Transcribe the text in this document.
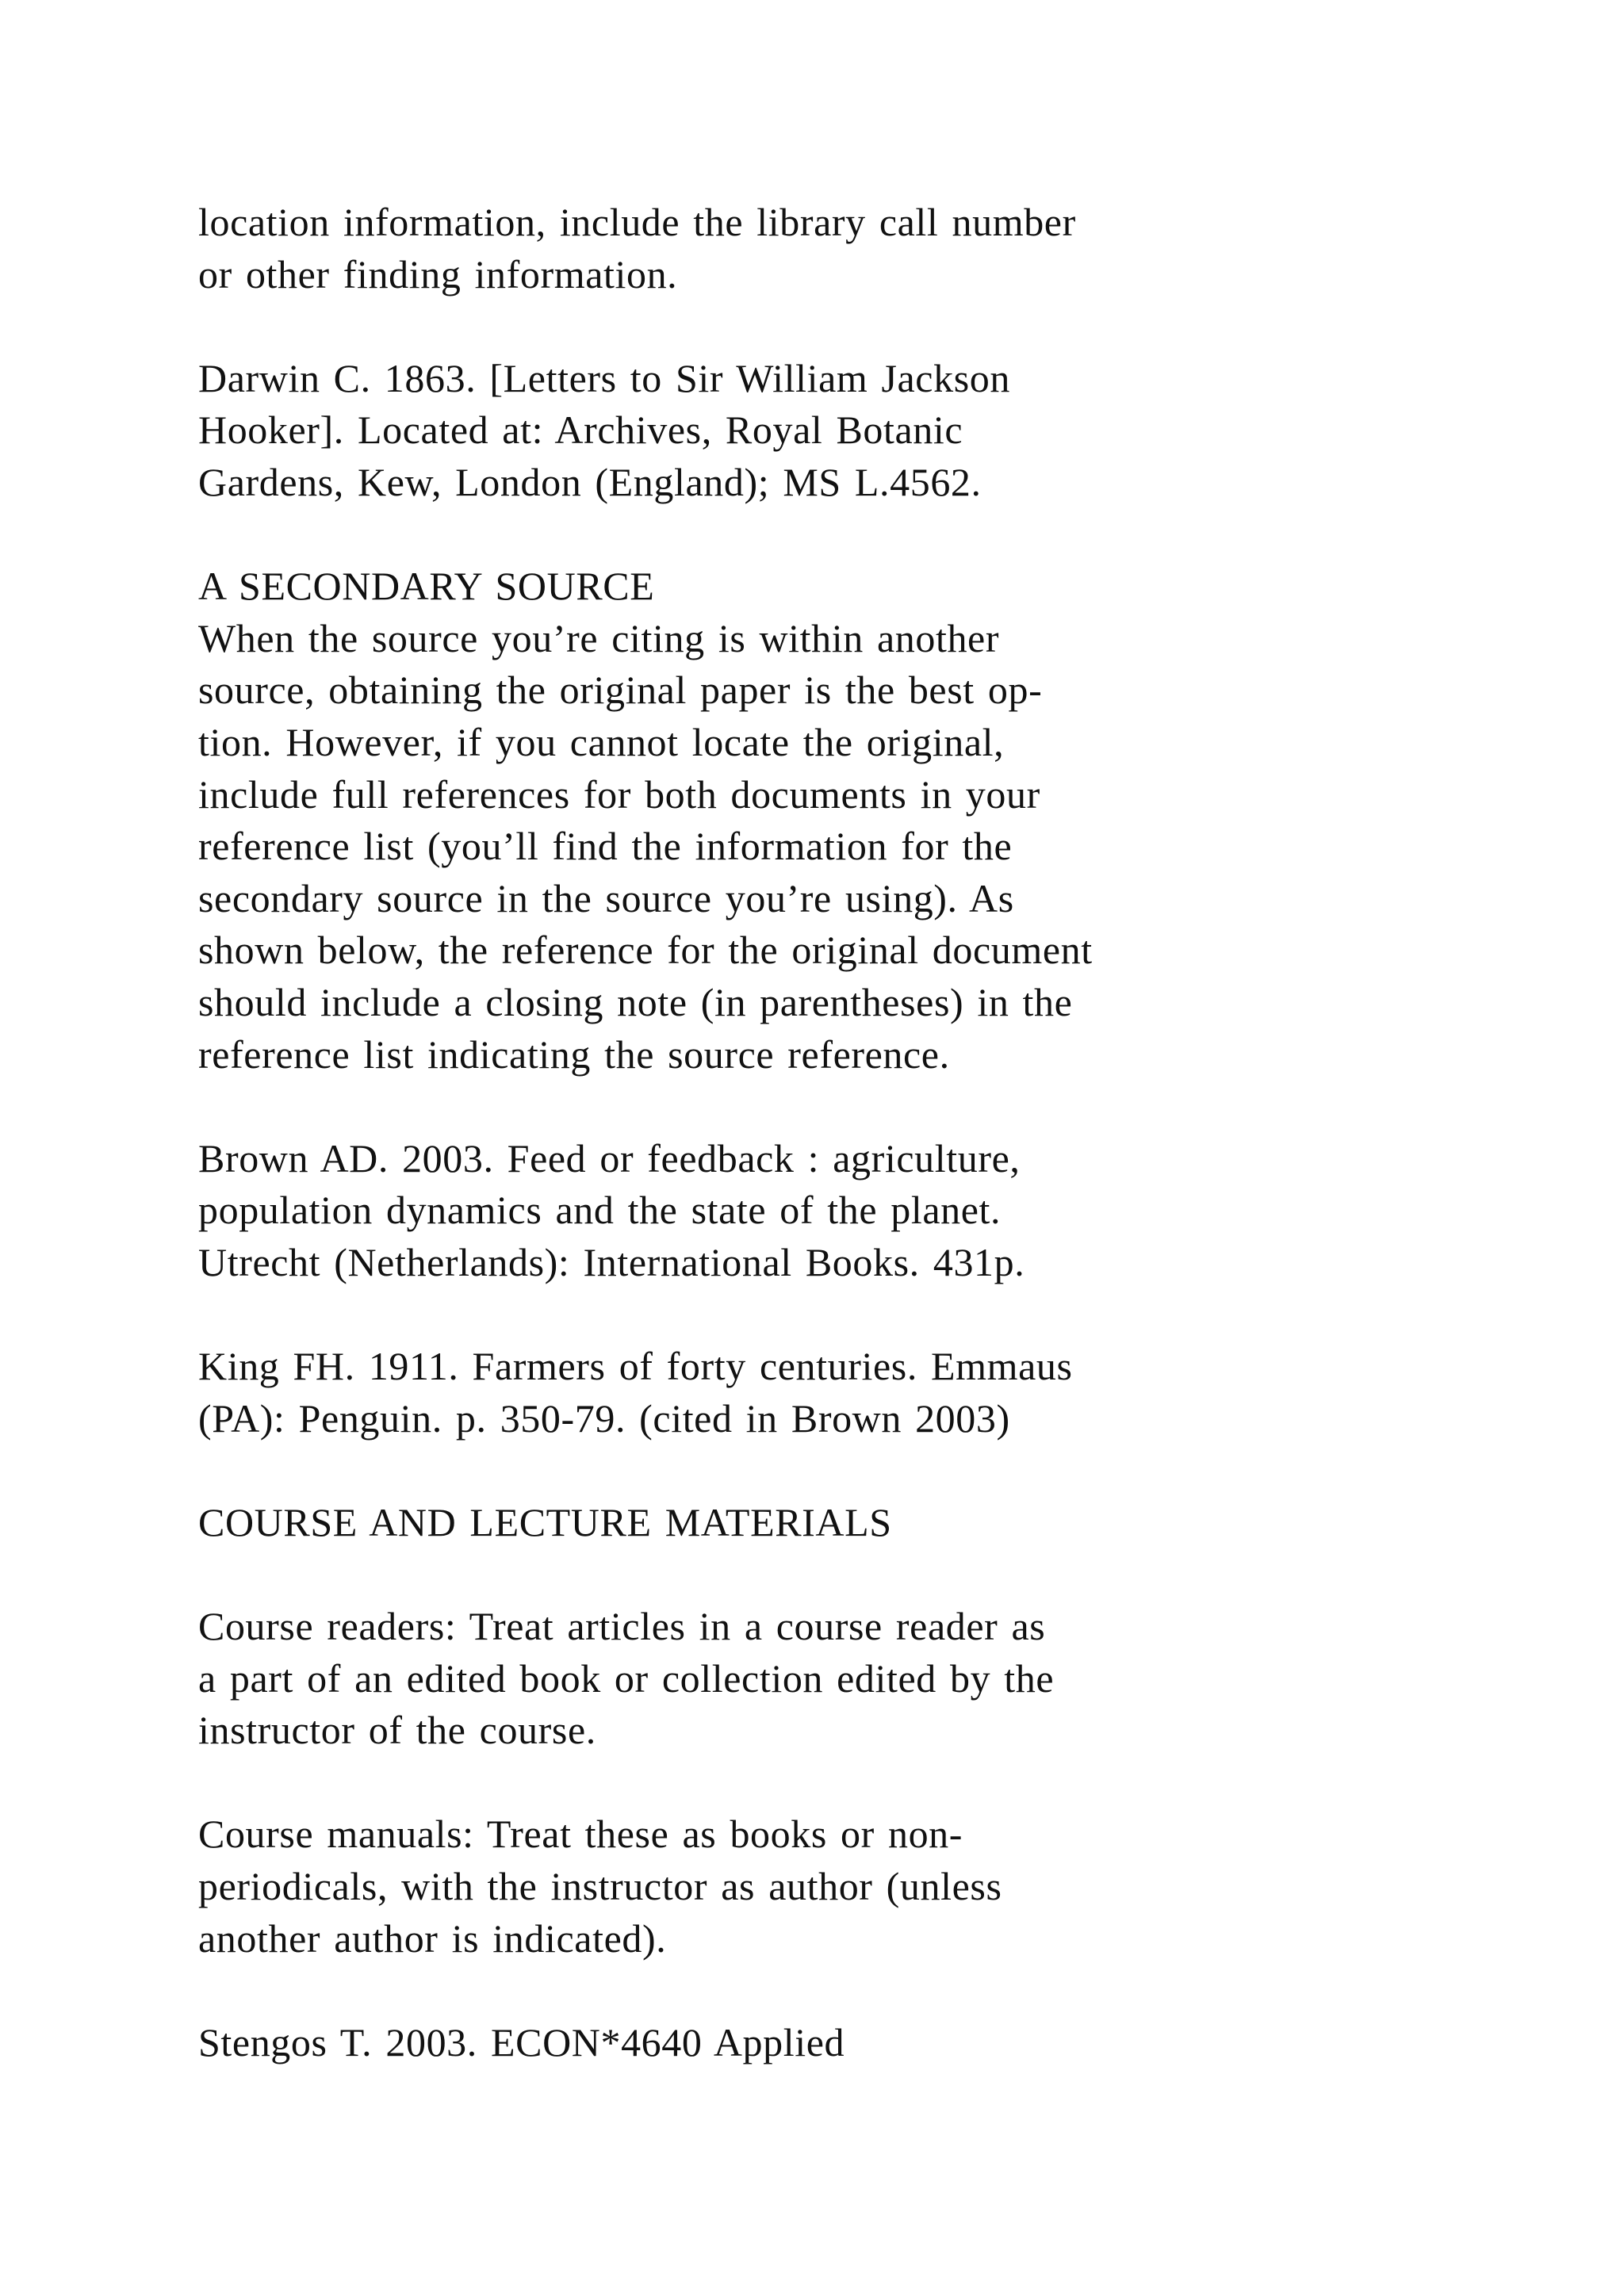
location information, include the library call number
or other finding information.
Darwin C. 1863. [Letters to Sir William Jackson
Hooker]. Located at: Archives, Royal Botanic
Gardens, Kew, London (England); MS L.4562.
A SECONDARY SOURCE
When the source you’re citing is within another
source, obtaining the original paper is the best op-
tion. However, if you cannot locate the original,
include full references for both documents in your
reference list (you’ll find the information for the
secondary source in the source you’re using). As
shown below, the reference for the original document
should include a closing note (in parentheses) in the
reference list indicating the source reference.
Brown AD. 2003. Feed or feedback : agriculture,
population dynamics and the state of the planet.
Utrecht (Netherlands): International Books. 431p.
King FH. 1911. Farmers of forty centuries. Emmaus
(PA): Penguin. p. 350-79. (cited in Brown 2003)
COURSE AND LECTURE MATERIALS
Course readers: Treat articles in a course reader as
a part of an edited book or collection edited by the
instructor of the course.
Course manuals: Treat these as books or non-
periodicals, with the instructor as author (unless
another author is indicated).
Stengos T. 2003. ECON*4640 Applied
